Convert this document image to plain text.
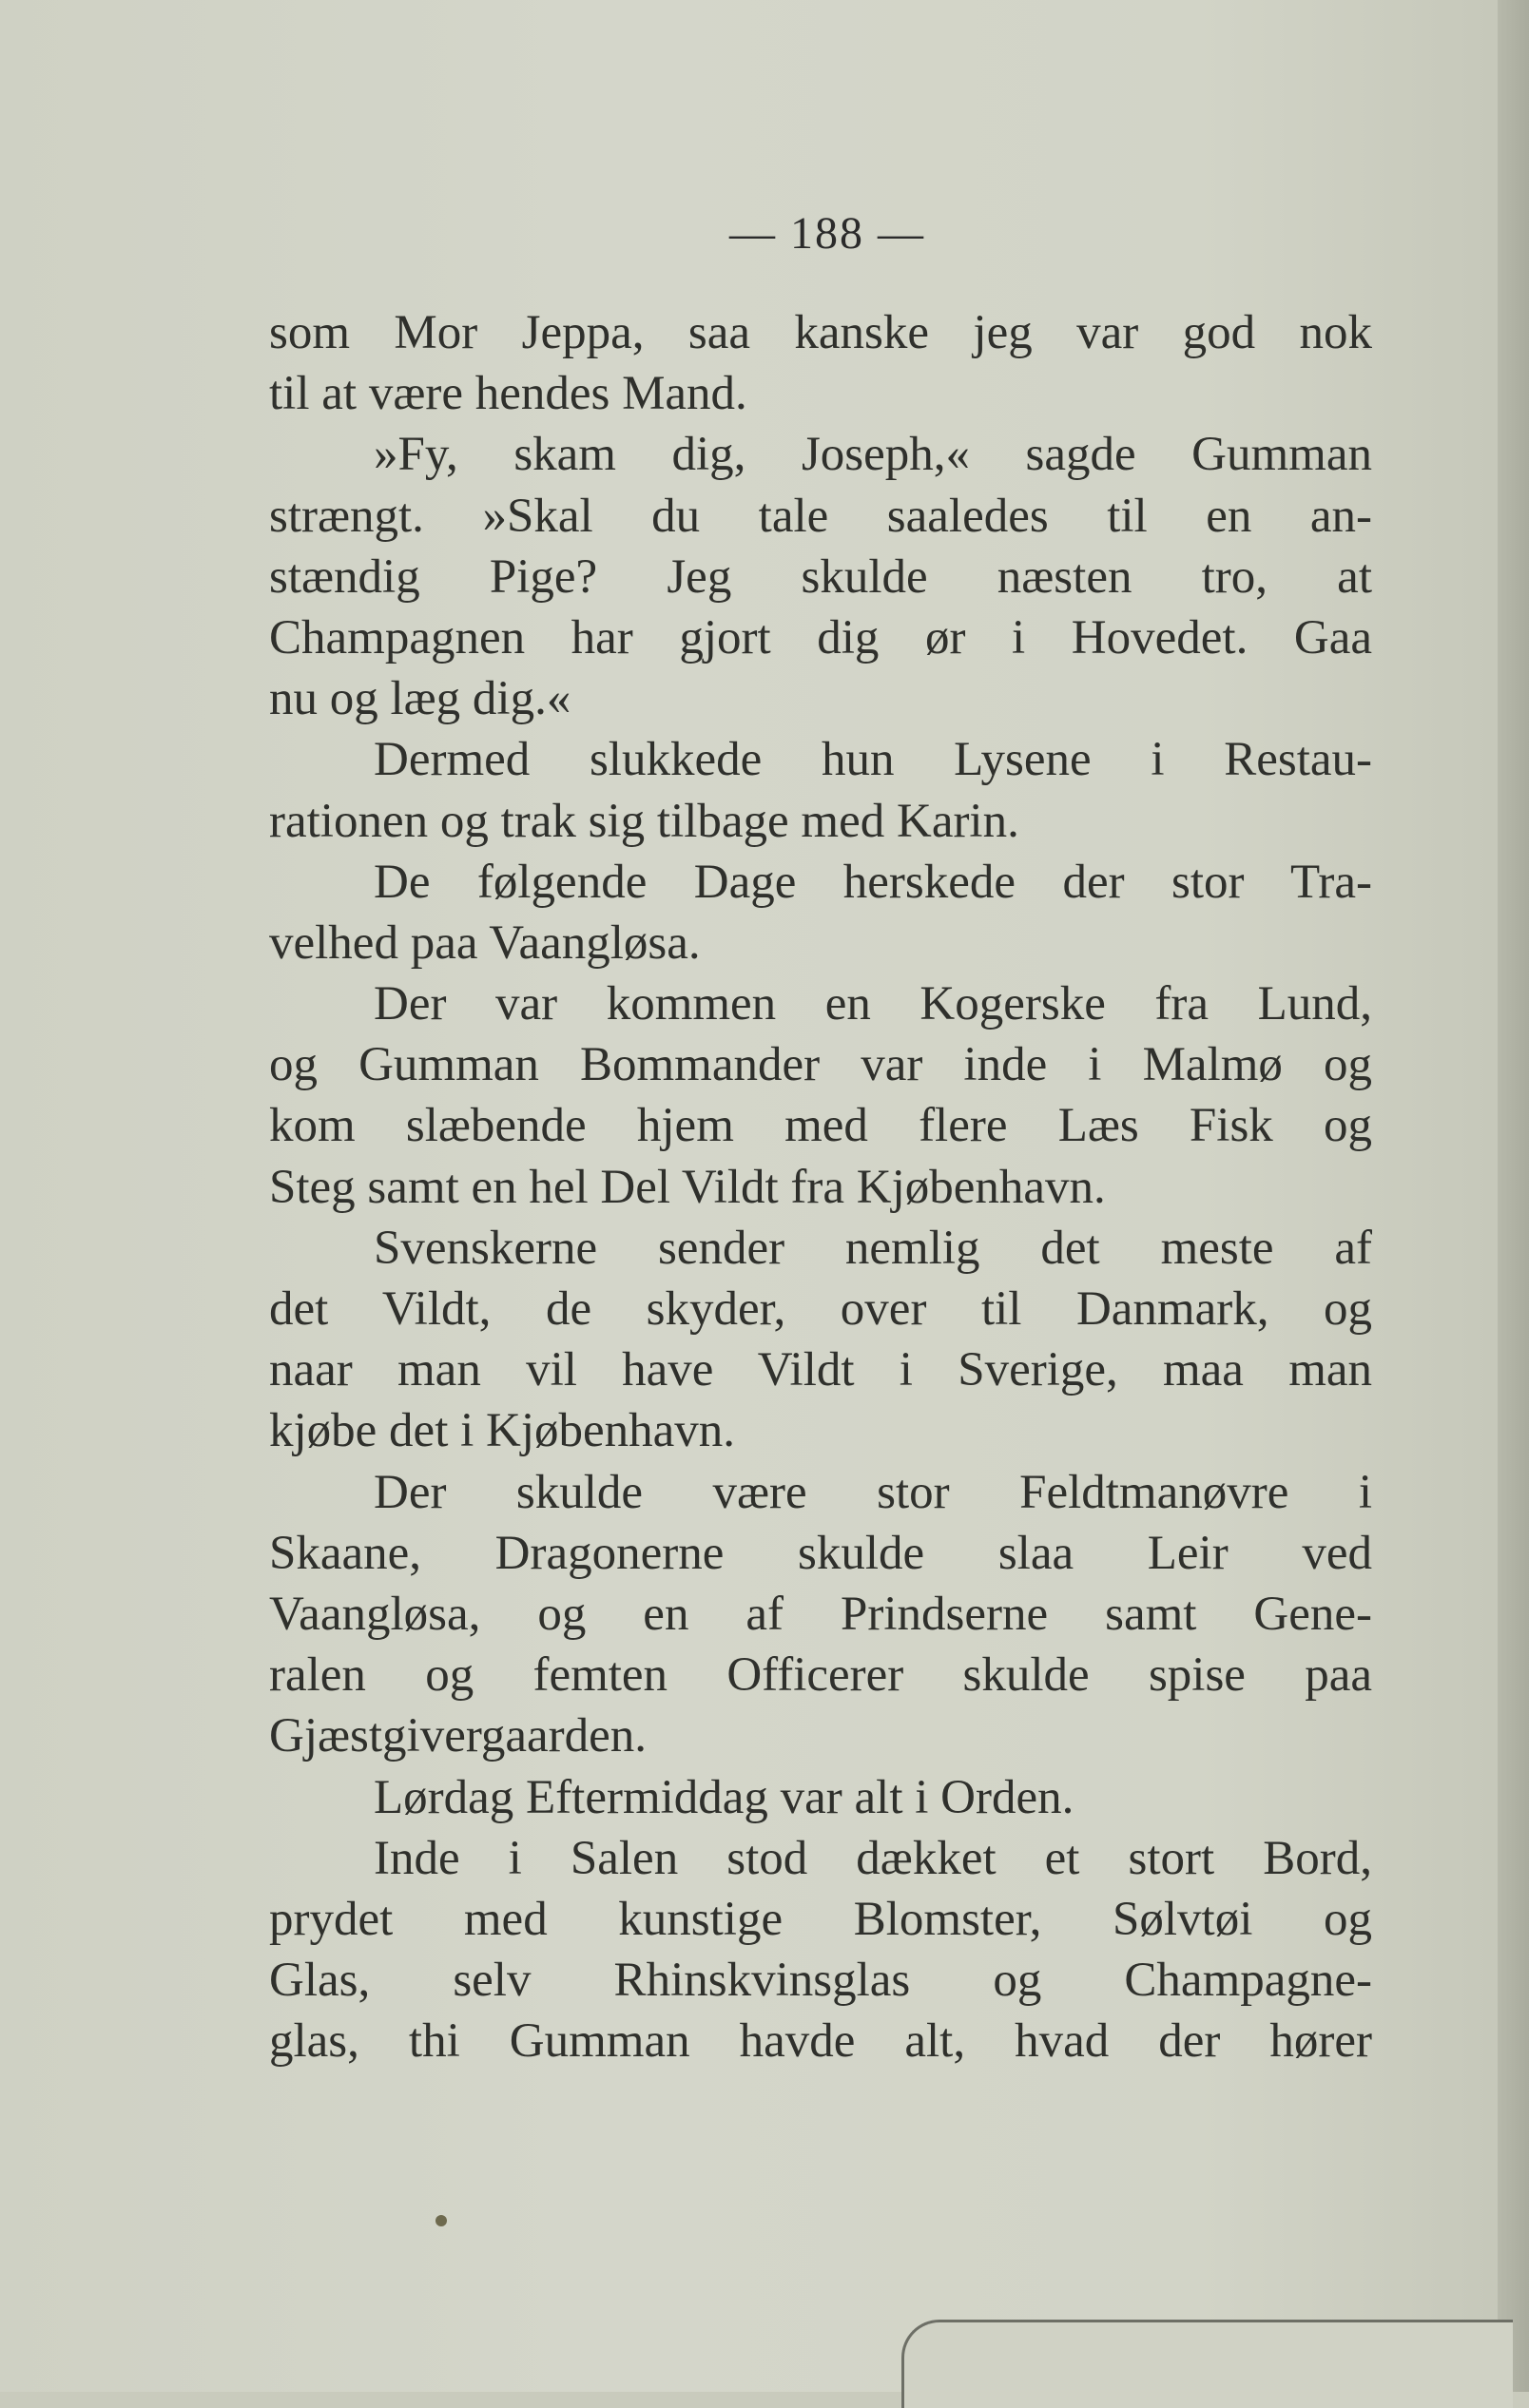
— 188 —
som Mor Jeppa, saa kanske jeg var god nok
til at være hendes Mand.
»Fy, skam dig, Joseph,« sagde Gumman
strængt. »Skal du tale saaledes til en an-
stændig Pige? Jeg skulde næsten tro, at
Champagnen har gjort dig ør i Hovedet. Gaa
nu og læg dig.«
Dermed slukkede hun Lysene i Restau-
rationen og trak sig tilbage med Karin.
De følgende Dage herskede der stor Tra-
velhed paa Vaangløsa.
Der var kommen en Kogerske fra Lund,
og Gumman Bommander var inde i Malmø og
kom slæbende hjem med flere Læs Fisk og
Steg samt en hel Del Vildt fra Kjøbenhavn.
Svenskerne sender nemlig det meste af
det Vildt, de skyder, over til Danmark, og
naar man vil have Vildt i Sverige, maa man
kjøbe det i Kjøbenhavn.
Der skulde være stor Feldtmanøvre i
Skaane, Dragonerne skulde slaa Leir ved
Vaangløsa, og en af Prindserne samt Gene-
ralen og femten Officerer skulde spise paa
Gjæstgivergaarden.
Lørdag Eftermiddag var alt i Orden.
Inde i Salen stod dækket et stort Bord,
prydet med kunstige Blomster, Sølvtøi og
Glas, selv Rhinskvinsglas og Champagne-
glas, thi Gumman havde alt, hvad der hører
